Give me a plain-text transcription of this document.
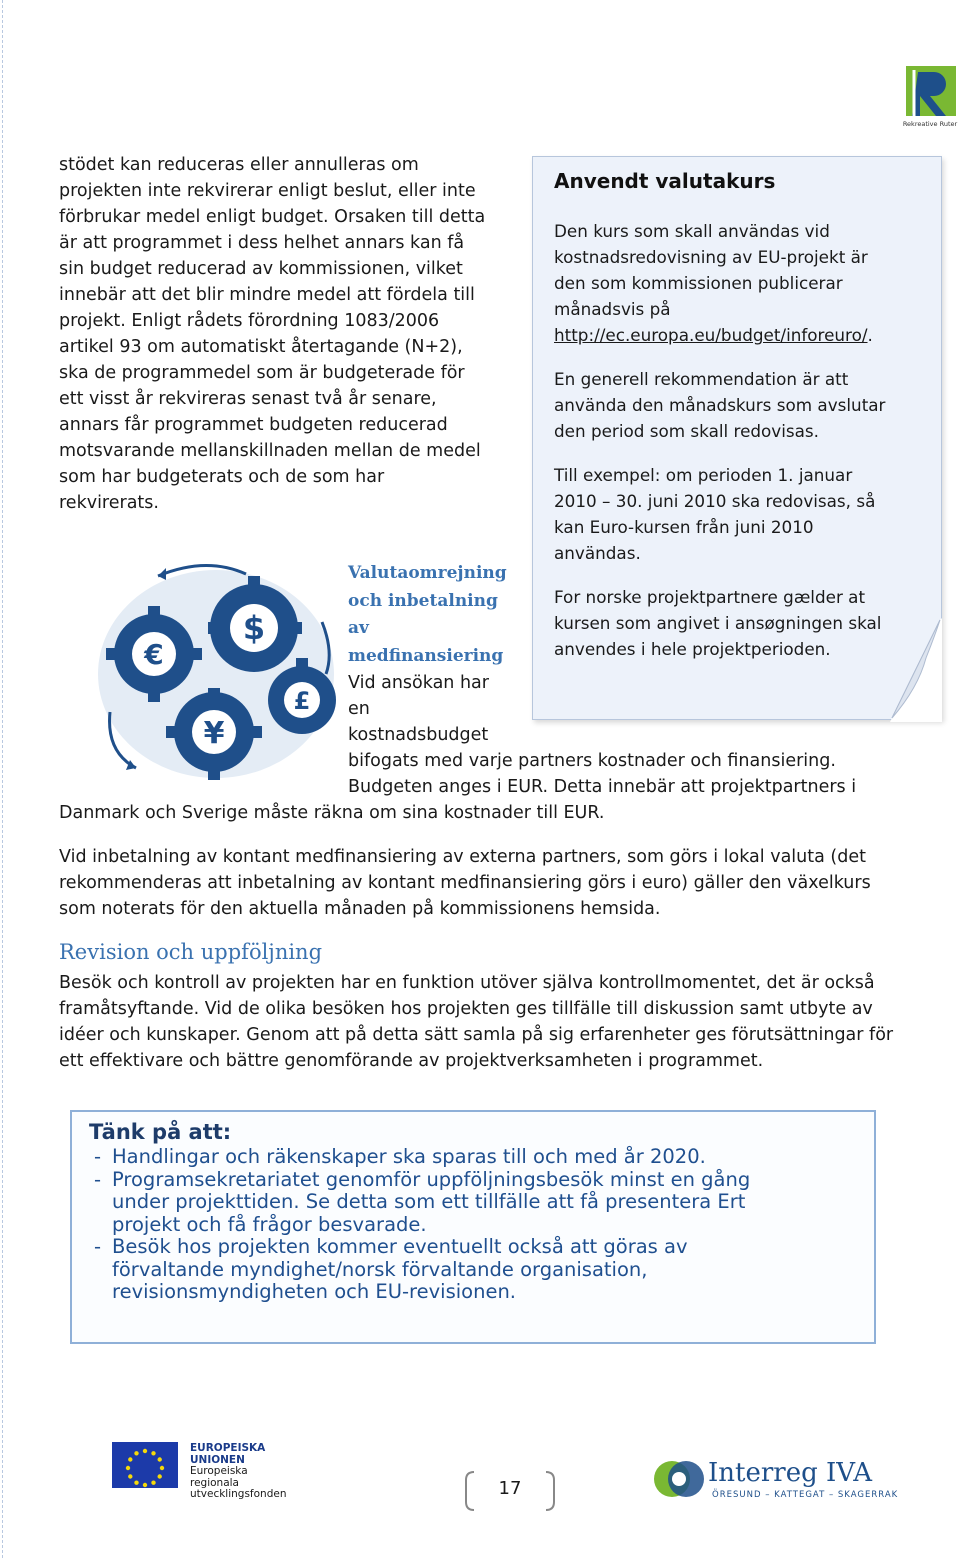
Rekreative Ruter

stödet kan reduceras eller annulleras om
projekten inte rekvirerar enligt beslut, eller inte
förbrukar medel enligt budget. Orsaken till detta
är att programmet i dess helhet annars kan få
sin budget reducerad av kommissionen, vilket
innebär att det blir mindre medel att fördela till
projekt. Enligt rådets förordning 1083/2006
artikel 93 om automatiskt återtagande (N+2),
ska de programmedel som är budgeterade för
ett visst år rekvireras senast två år senare,
annars får programmet budgeten reducerad
motsvarande mellanskillnaden mellan de medel
som har budgeterats och de som har
rekvirerats.

Anvendt valutakurs

Den kurs som skall användas vid
kostnadsredovisning av EU-projekt är
den som kommissionen publicerar
månadsvis på
http://ec.europa.eu/budget/inforeuro/.

En generell rekommendation är att
använda den månadskurs som avslutar
den period som skall redovisas.

Till exempel: om perioden 1. januar
2010 – 30. juni 2010 ska redovisas, så
kan Euro-kursen från juni 2010
användas.

For norske projektpartnere gælder at
kursen som angivet i ansøgningen skal
anvendes i hele projektperioden.

€
$
¥
£
Valutaomrejning
och inbetalning
av
medfinansiering

Vid ansökan har
en
kostnadsbudget
bifogats med varje partners kostnader och finansiering.
Budgeten anges i EUR. Detta innebär att projektpartners i

Danmark och Sverige måste räkna om sina kostnader till EUR.

Vid inbetalning av kontant medfinansiering av externa partners, som görs i lokal valuta (det
rekommenderas att inbetalning av kontant medfinansiering görs i euro) gäller den växelkurs
som noterats för den aktuella månaden på kommissionens hemsida.

Revision och uppföljning

Besök och kontroll av projekten har en funktion utöver själva kontrollmomentet, det är också
framåtsyftande. Vid de olika besöken hos projekten ges tillfälle till diskussion samt utbyte av
idéer och kunskaper. Genom att på detta sätt samla på sig erfarenheter ges förutsättningar för
ett effektivare och bättre genomförande av projektverksamheten i programmet.

Tänk på att:
- Handlingar och räkenskaper ska sparas till och med år 2020.
- Programsekretariatet genomför uppföljningsbesök minst en gång
under projekttiden. Se detta som ett tillfälle att få presentera Ert
projekt och få frågor besvarade.
- Besök hos projekten kommer eventuellt också att göras av
förvaltande myndighet/norsk förvaltande organisation,
revisionsmyndigheten och EU-revisionen.
EUROPEISKA
UNIONEN
Europeiska
regionala
utvecklingsfonden	17
Interreg IVA
ÖRESUND – KATTEGAT – SKAGERRAK
